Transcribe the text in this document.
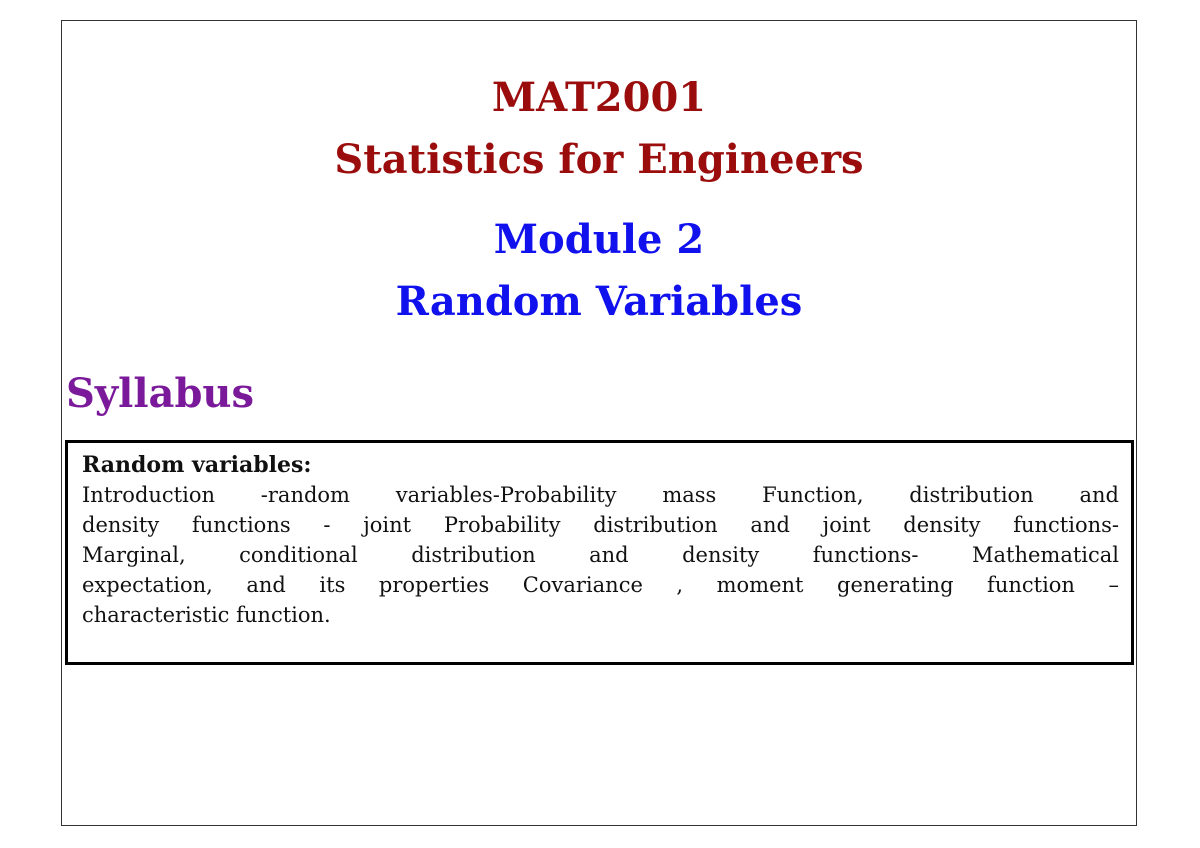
MAT2001
Statistics for Engineers
Module 2
Random Variables
Syllabus
Random variables:
Introduction -random variables-Probability mass Function, distribution and
density functions - joint Probability distribution and joint density functions-
Marginal, conditional distribution and density functions- Mathematical
expectation, and its properties Covariance , moment generating function –
characteristic function.
